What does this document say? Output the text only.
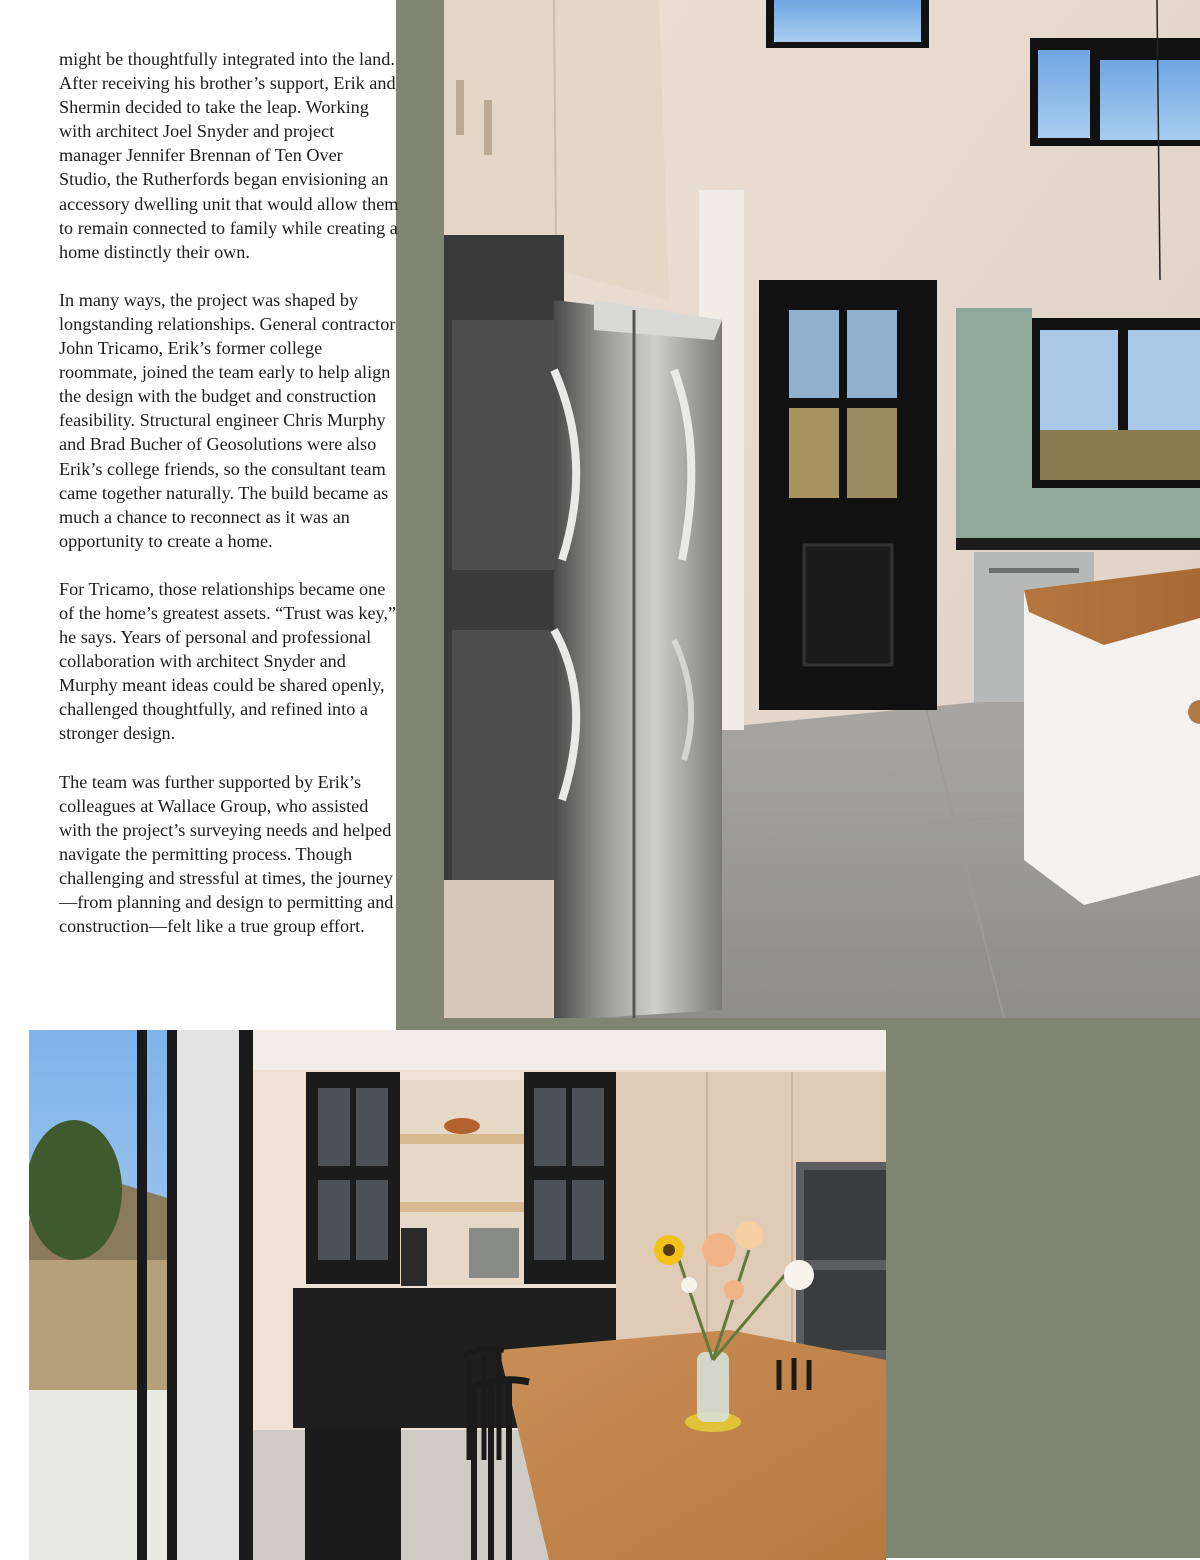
might be thoughtfully integrated into the land. After receiving his brother’s support, Erik and Shermin decided to take the leap. Working with architect Joel Snyder and project manager Jennifer Brennan of Ten Over Studio, the Rutherfords began envisioning an accessory dwelling unit that would allow them to remain connected to family while creating a home distinctly their own.

In many ways, the project was shaped by longstanding relationships. General contractor John Tricamo, Erik’s former college roommate, joined the team early to help align the design with the budget and construction feasibility. Structural engineer Chris Murphy and Brad Bucher of Geosolutions were also Erik’s college friends, so the consultant team came together naturally. The build became as much a chance to reconnect as it was an opportunity to create a home.

For Tricamo, those relationships became one of the home’s greatest assets. “Trust was key,” he says. Years of personal and professional collaboration with architect Snyder and Murphy meant ideas could be shared openly, challenged thoughtfully, and refined into a stronger design.

The team was further supported by Erik’s colleagues at Wallace Group, who assisted with the project’s surveying needs and helped navigate the permitting process. Though challenging and stressful at times, the journey—from planning and design to permitting and construction—felt like a true group effort.
